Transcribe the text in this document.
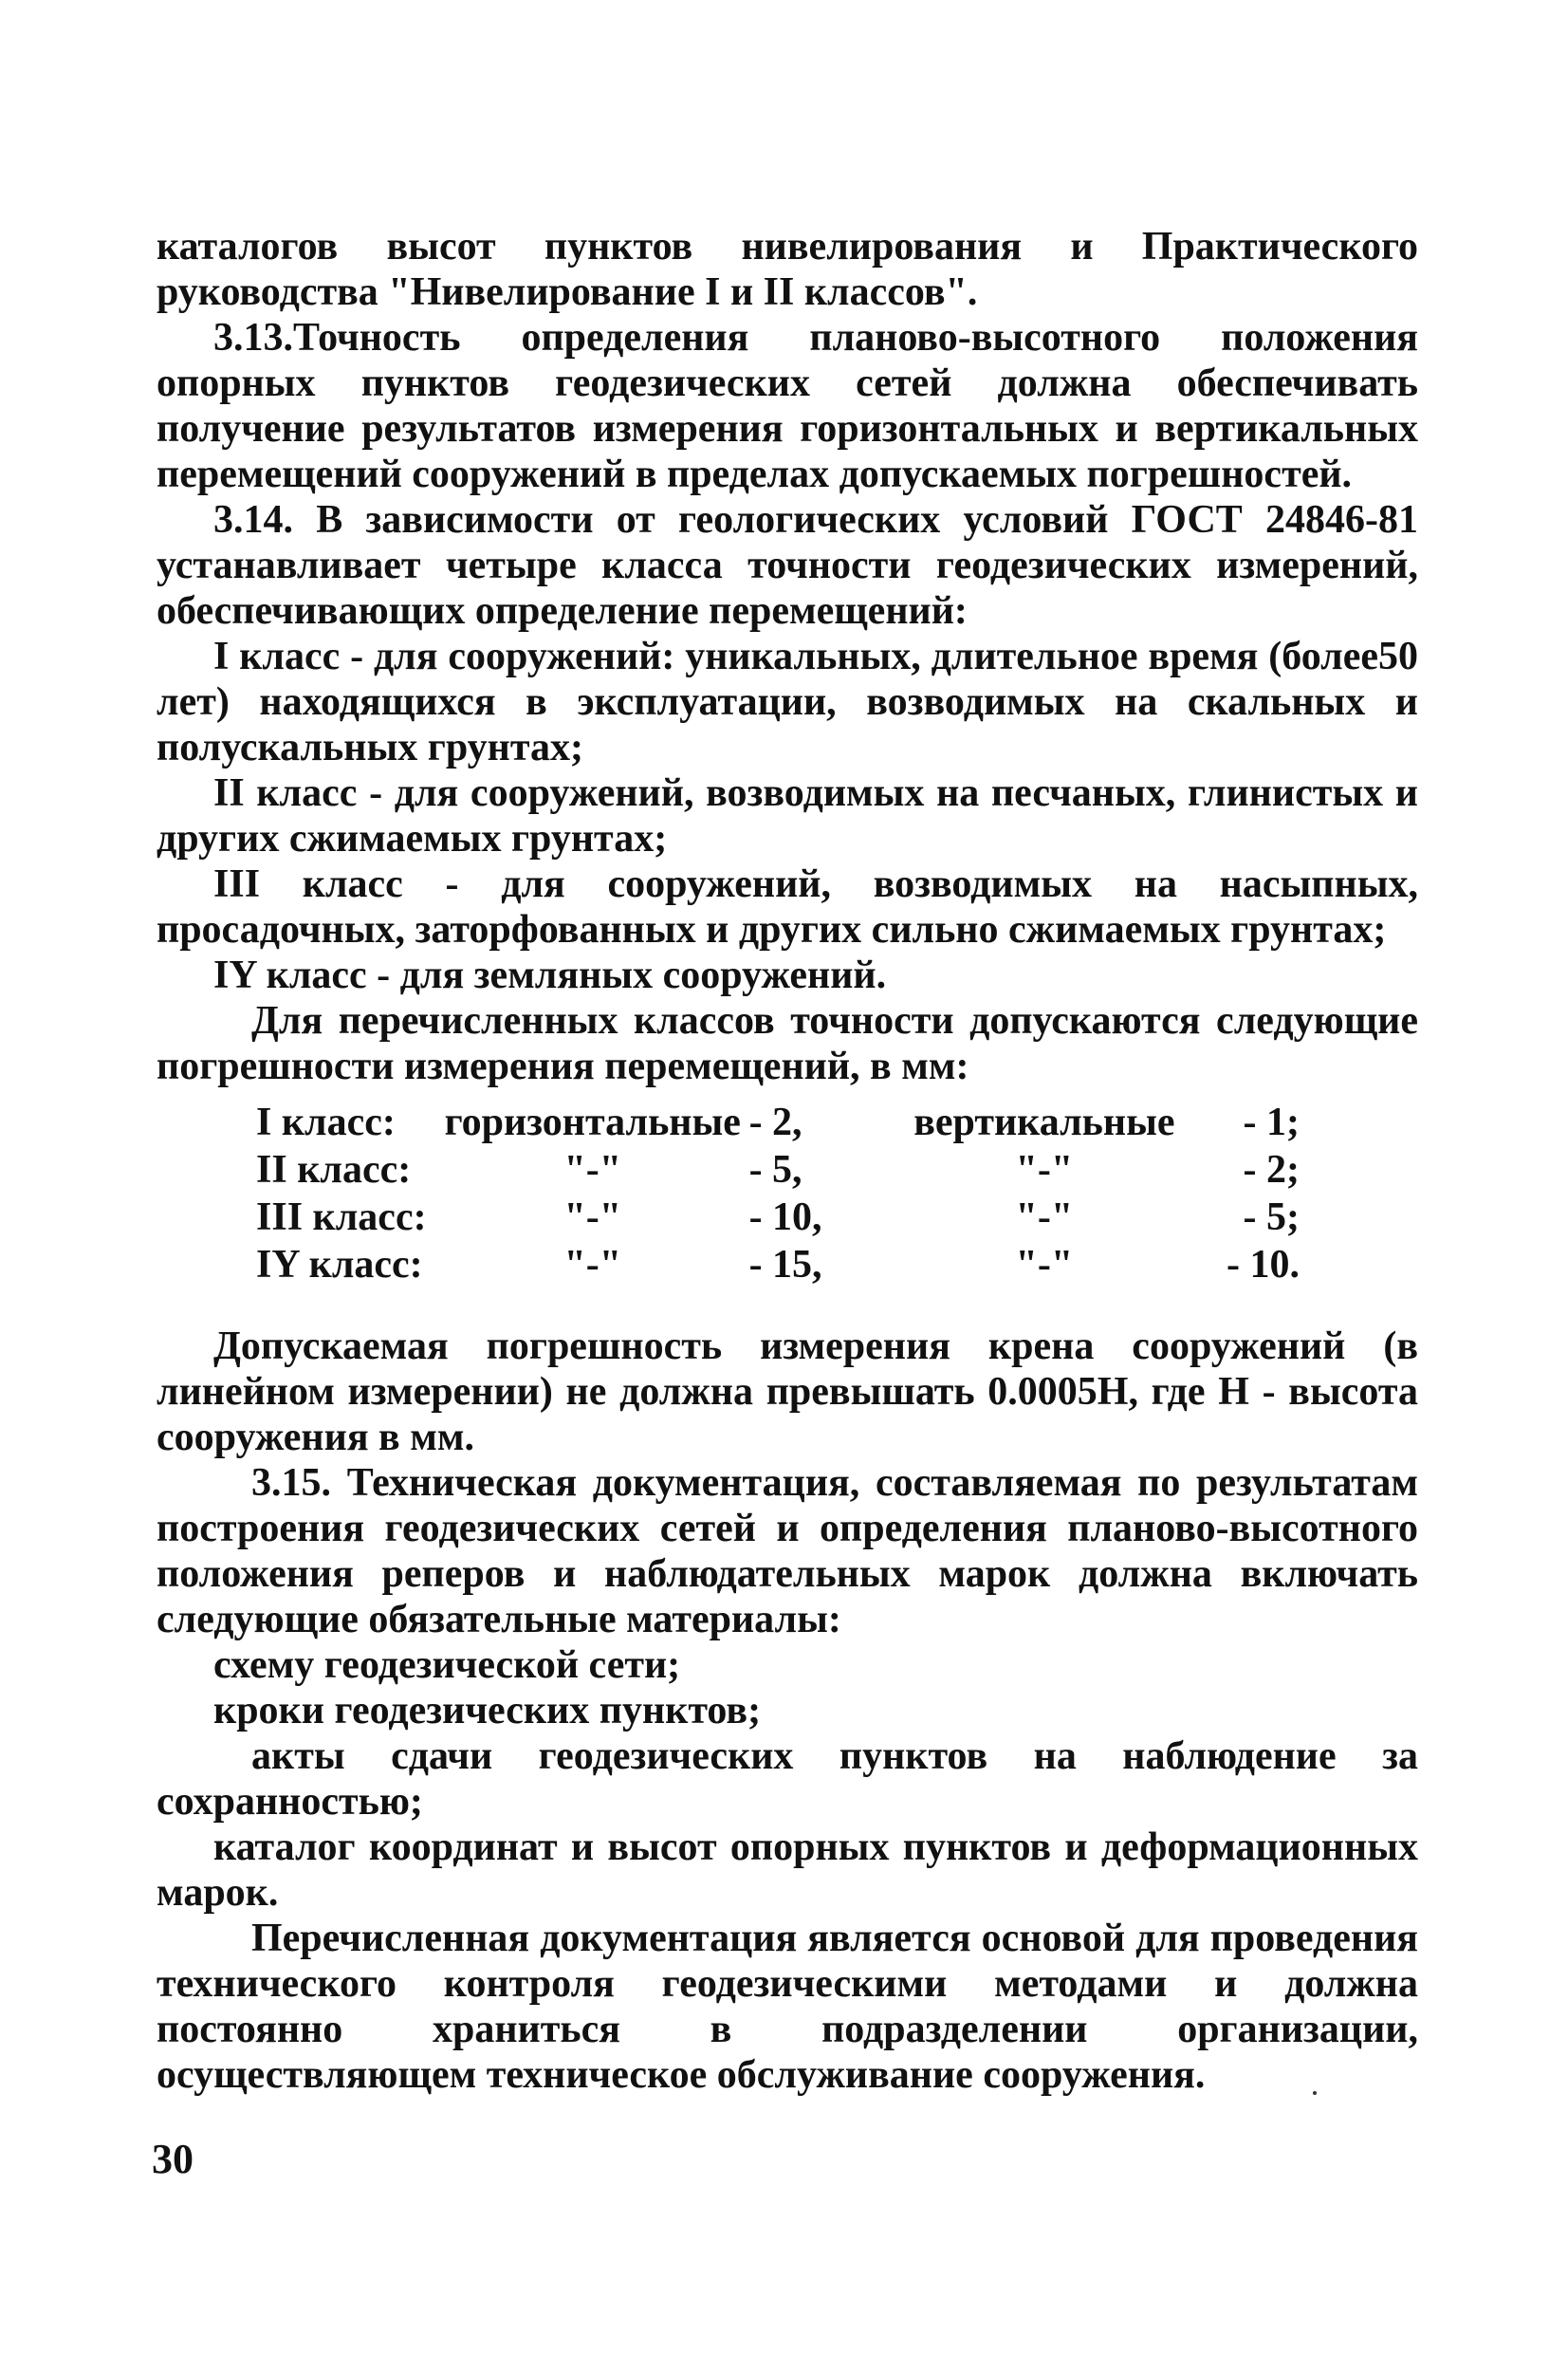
каталогов высот пунктов нивелирования и Практического руководства "Нивелирование I и II классов".

3.13.Точность определения планово-высотного положения опорных пунктов геодезических сетей должна обеспечивать получение результатов измерения горизонтальных и вертикальных перемещений сооружений в пределах допускаемых погрешностей.

3.14. В зависимости от геологических условий ГОСТ 24846-81 устанавливает четыре класса точности геодезических измерений, обеспечивающих определение перемещений:

I класс - для сооружений: уникальных, длительное время (более50 лет) находящихся в эксплуатации, возводимых на скальных и полускальных грунтах;

II класс - для сооружений, возводимых на песчаных, глинистых и других сжимаемых грунтах;

III класс - для сооружений, возводимых на насыпных, просадочных, заторфованных и других сильно сжимаемых грунтах;

IY класс - для земляных сооружений.

Для перечисленных классов точности допускаются следующие погрешности измерения перемещений, в мм:

I класс:	горизонтальные	- 2,	вертикальные	- 1;
II класс:	"-"	- 5,	"-"	- 2;
III класс:	"-"	- 10,	"-"	- 5;
IY класс:	"-"	- 15,	"-"	- 10.

Допускаемая погрешность измерения крена сооружений (в линейном измерении) не должна превышать 0.0005Н, где Н - высота сооружения в мм.

3.15. Техническая документация, составляемая по результатам построения геодезических сетей и определения планово-высотного положения реперов и наблюдательных марок должна включать следующие обязательные материалы:

схему геодезической сети;

кроки геодезических пунктов;

акты сдачи геодезических пунктов на наблюдение за сохранностью;

каталог координат и высот опорных пунктов и деформационных марок.

Перечисленная документация является основой для проведения технического контроля геодезическими методами и должна постоянно храниться в подразделении организации, осуществляющем техническое обслуживание сооружения.

30
